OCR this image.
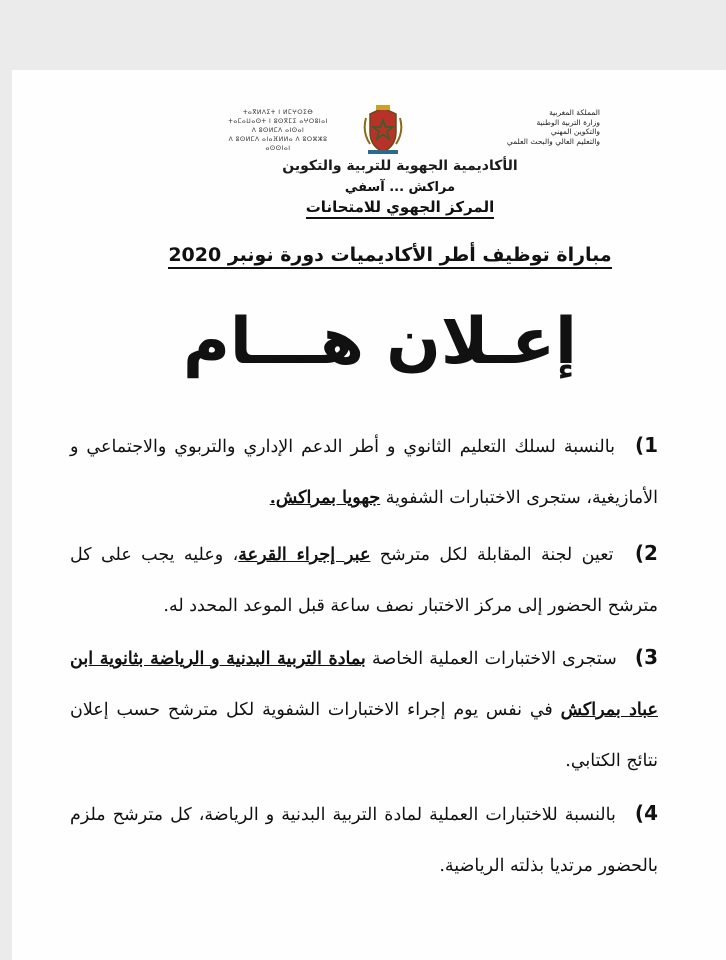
ⵜⴰⴳⵍⴷⵉⵜ ⵏ ⵍⵎⵖⵔⵉⴱ
ⵜⴰⵎⴰⵡⴰⵙⵜ ⵏ ⵓⵙⴳⵎⵉ ⴰⵖⵔⵓⵏⴰⵏ
ⴷ ⵓⵙⵍⵎⴷ ⴰⵏⵙⴰⵏ
ⴷ ⵓⵙⵍⵎⴷ ⴰⵏⴰⴼⵍⵍⴰ ⴷ ⵓⵔⵣⵣⵓ ⴰⵙⵙⵏⴰⵏ
المملكة المغربية
وزارة التربية الوطنية
والتكوين المهني
والتعليم العالي والبحث العلمي
الأكاديمية الجهوية للتربية والتكوين
مراكش ... آسفي
المركز الجهوي للامتحانات
مباراة توظيف أطر الأكاديميات دورة نونبر 2020
إعـلان هـــام
1) بالنسبة لسلك التعليم الثانوي و أطر الدعم الإداري والتربوي والاجتماعي و الأمازيغية، ستجرى الاختبارات الشفوية جهويا بمراكش.
2) تعين لجنة المقابلة لكل مترشح عبر إجراء القرعة، وعليه يجب على كل مترشح الحضور إلى مركز الاختبار نصف ساعة قبل الموعد المحدد له.
3) ستجرى الاختبارات العملية الخاصة بمادة التربية البدنية و الرياضة بثانوية ابن عباد بمراكش في نفس يوم إجراء الاختبارات الشفوية لكل مترشح حسب إعلان نتائج الكتابي.
4) بالنسبة للاختبارات العملية لمادة التربية البدنية و الرياضة، كل مترشح ملزم بالحضور مرتديا بذلته الرياضية.
